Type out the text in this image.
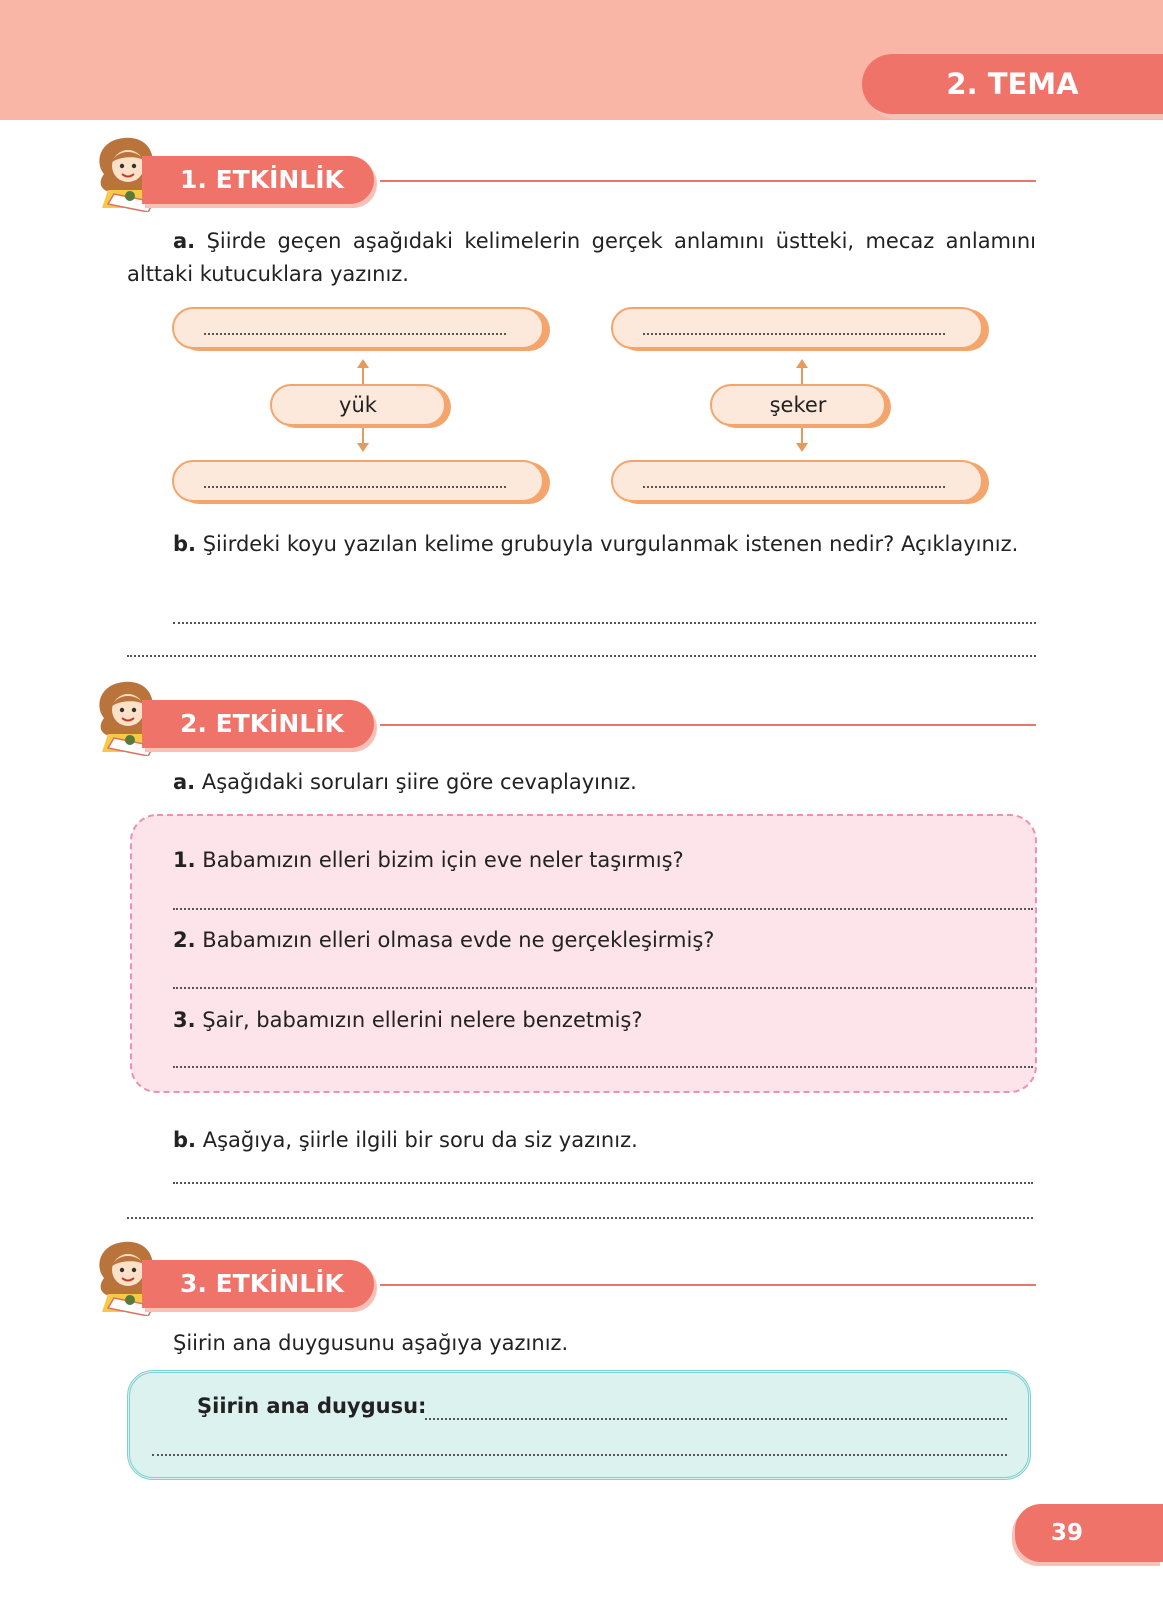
2. TEMA
1. ETKİNLİK
a. Şiirde geçen aşağıdaki kelimelerin gerçek anlamını üstteki, mecaz anlamını alttaki kutucuklara yazınız.
yük	şeker
b. Şiirdeki koyu yazılan kelime grubuyla vurgulanmak istenen nedir? Açıklayınız.
2. ETKİNLİK
a. Aşağıdaki soruları şiire göre cevaplayınız.
1. Babamızın elleri bizim için eve neler taşırmış?
2. Babamızın elleri olmasa evde ne gerçekleşirmiş?
3. Şair, babamızın ellerini nelere benzetmiş?
b. Aşağıya, şiirle ilgili bir soru da siz yazınız.
3. ETKİNLİK
Şiirin ana duygusunu aşağıya yazınız.
Şiirin ana duygusu:
39
